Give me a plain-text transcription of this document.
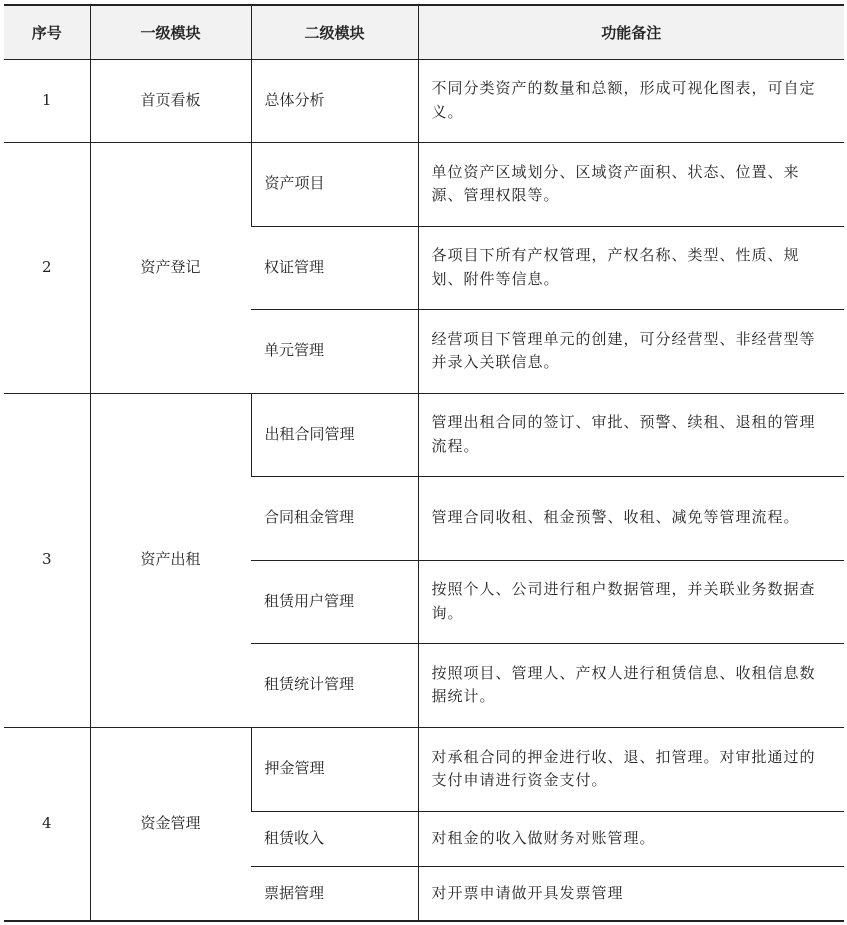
序号	一级模块	二级模块	功能备注
1	首页看板	总体分析	不同分类资产的数量和总额，形成可视化图表，可自定义。
2	资产登记	资产项目	单位资产区域划分、区域资产面积、状态、位置、来源、管理权限等。
		权证管理	各项目下所有产权管理，产权名称、类型、性质、规划、附件等信息。
		单元管理	经营项目下管理单元的创建，可分经营型、非经营型等并录入关联信息。
3	资产出租	出租合同管理	管理出租合同的签订、审批、预警、续租、退租的管理流程。
		合同租金管理	管理合同收租、租金预警、收租、减免等管理流程。
		租赁用户管理	按照个人、公司进行租户数据管理，并关联业务数据查询。
		租赁统计管理	按照项目、管理人、产权人进行租赁信息、收租信息数据统计。
4	资金管理	押金管理	对承租合同的押金进行收、退、扣管理。对审批通过的支付申请进行资金支付。
		租赁收入	对租金的收入做财务对账管理。
		票据管理	对开票申请做开具发票管理
